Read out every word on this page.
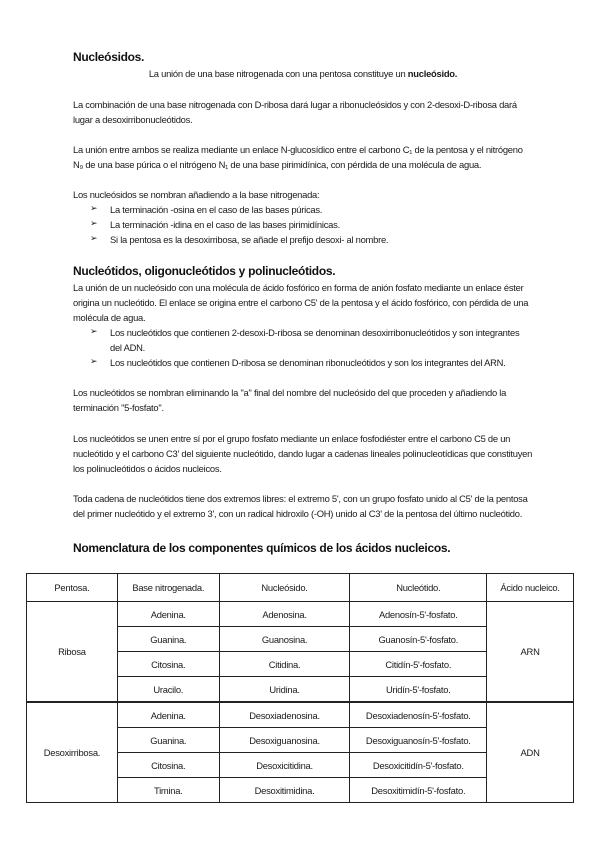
Nucleósidos.

La unión de una base nitrogenada con una pentosa constituye un nucleósido.

La combinación de una base nitrogenada con D-ribosa dará lugar a ribonucleósidos y con 2-desoxi-D-ribosa dará lugar a desoxirribonucleótidos.

La unión entre ambos se realiza mediante un enlace N-glucosídico entre el carbono C₁ de la pentosa y el nitrógeno N₉ de una base púrica o el nitrógeno N₁ de una base pirimidínica, con pérdida de una molécula de agua.

Los nucleósidos se nombran añadiendo a la base nitrogenada:

➢ La terminación -osina en el caso de las bases púricas.
➢ La terminación -idina en el caso de las bases pirimidínicas.
➢ Si la pentosa es la desoxirribosa, se añade el prefijo desoxi- al nombre.
Nucleótidos, oligonucleótidos y polinucleótidos.

La unión de un nucleósido con una molécula de ácido fosfórico en forma de anión fosfato mediante un enlace éster origina un nucleótido. El enlace se origina entre el carbono C5' de la pentosa y el ácido fosfórico, con pérdida de una molécula de agua.

➢ Los nucleótidos que contienen 2-desoxi-D-ribosa se denominan desoxirribonucleótidos y son integrantes del ADN.
➢ Los nucleótidos que contienen D-ribosa se denominan ribonucleótidos y son los integrantes del ARN.

Los nucleótidos se nombran eliminando la "a" final del nombre del nucleósido del que proceden y añadiendo la terminación "5-fosfato".

Los nucleótidos se unen entre sí por el grupo fosfato mediante un enlace fosfodiéster entre el carbono C5 de un nucleótido y el carbono C3' del siguiente nucleótido, dando lugar a cadenas lineales polinucleotídicas que constituyen los polinucleótidos o ácidos nucleicos.

Toda cadena de nucleótidos tiene dos extremos libres: el extremo 5', con un grupo fosfato unido al C5' de la pentosa del primer nucleótido y el extremo 3', con un radical hidroxilo (-OH) unido al C3' de la pentosa del último nucleótido.

Nomenclatura de los componentes químicos de los ácidos nucleicos.
Pentosa.	Base nitrogenada.	Nucleósido.	Nucleótido.	Ácido nucleico.
Ribosa	Adenina.	Adenosina.	Adenosín-5'-fosfato.	ARN
	Guanina.	Guanosina.	Guanosín-5'-fosfato.	
	Citosina.	Citidina.	Citidín-5'-fosfato.	
	Uracilo.	Uridina.	Uridín-5'-fosfato.	
Desoxirribosa.	Adenina.	Desoxiadenosina.	Desoxiadenosín-5'-fosfato.	ADN
	Guanina.	Desoxiguanosina.	Desoxiguanosín-5'-fosfato.	
	Citosina.	Desoxicitidina.	Desoxicitidín-5'-fosfato.	
	Timina.	Desoxitimidina.	Desoxitimidín-5'-fosfato.	
